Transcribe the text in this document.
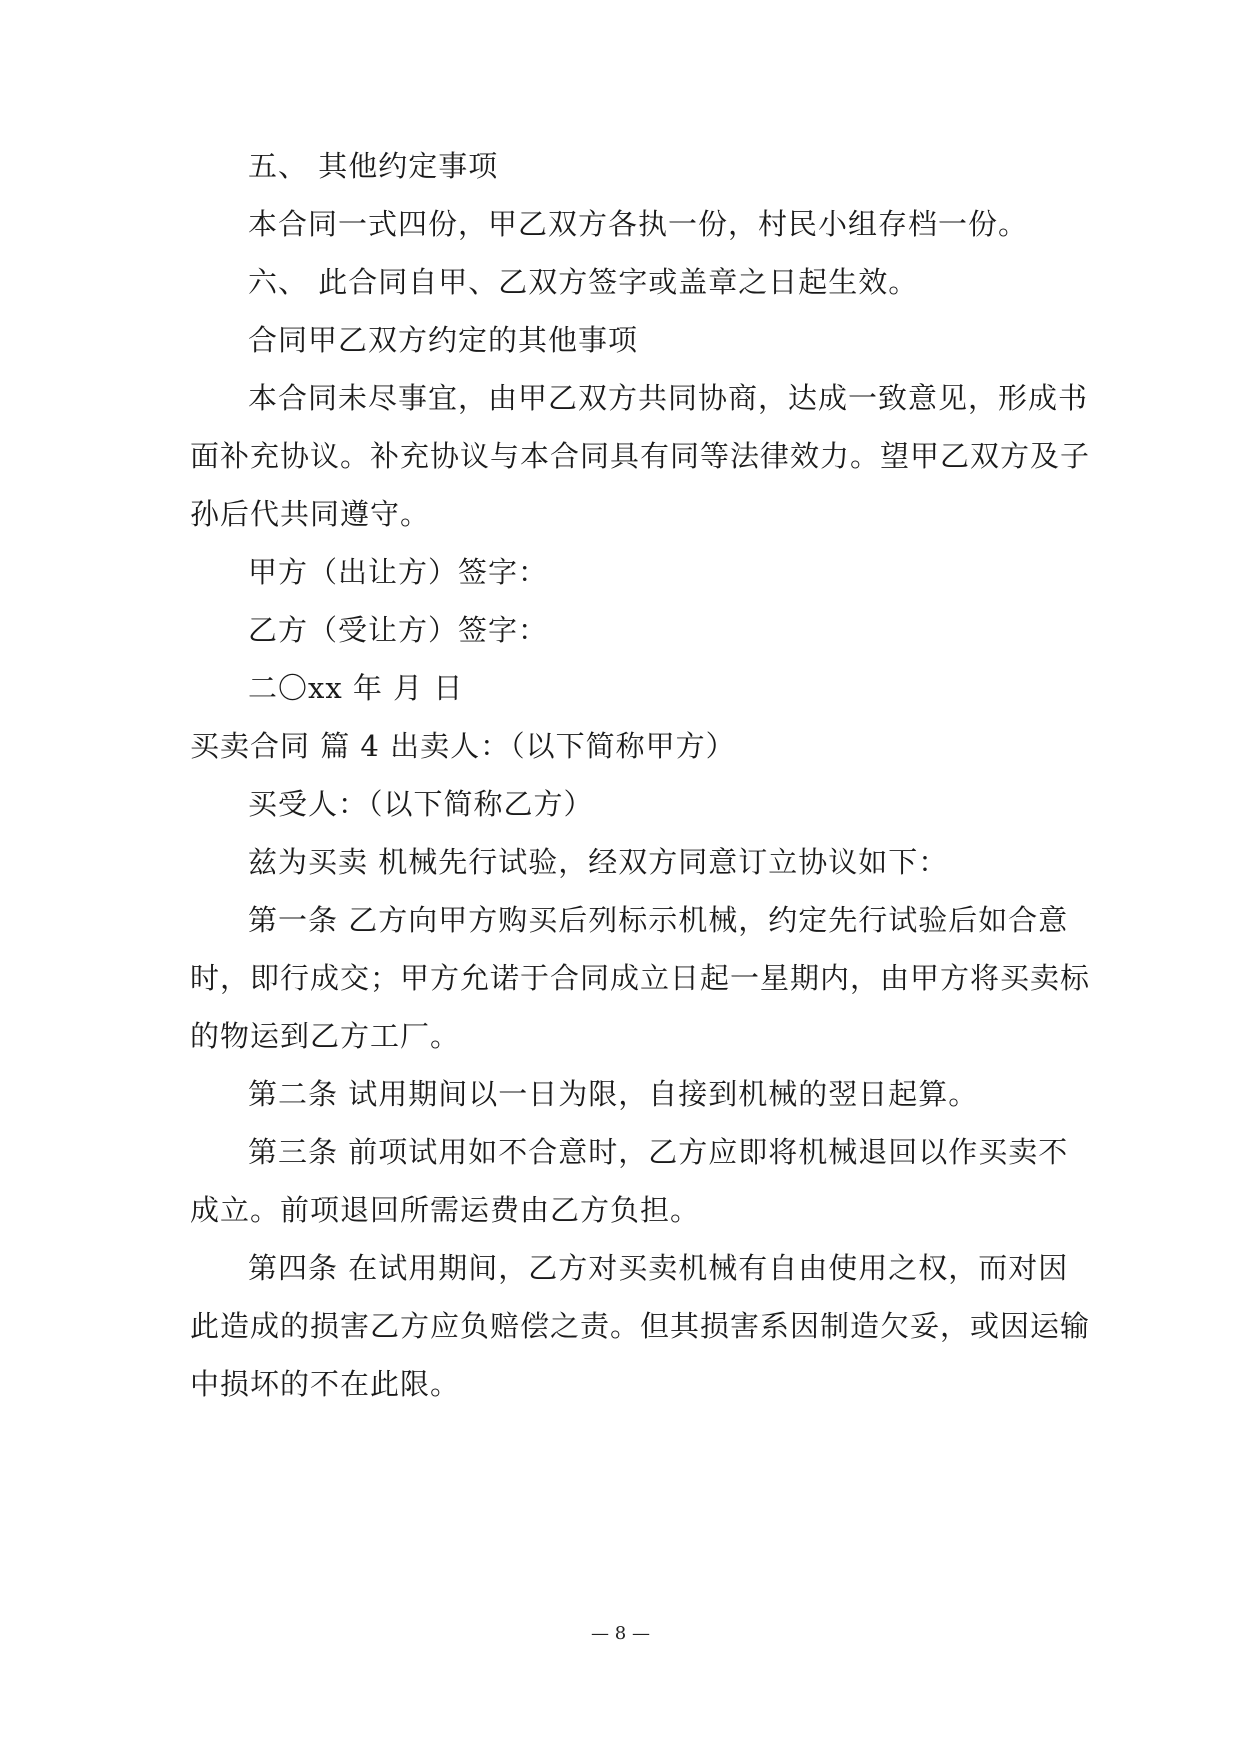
五、 其他约定事项
本合同一式四份，甲乙双方各执一份，村民小组存档一份。
六、 此合同自甲、乙双方签字或盖章之日起生效。
合同甲乙双方约定的其他事项
本合同未尽事宜，由甲乙双方共同协商，达成一致意见，形成书
面补充协议。补充协议与本合同具有同等法律效力。望甲乙双方及子
孙后代共同遵守。
甲方（出让方）签字：
乙方（受让方）签字：
二〇xx 年 月 日
买卖合同 篇 4 出卖人：（以下简称甲方）
买受人：（以下简称乙方）
兹为买卖 机械先行试验，经双方同意订立协议如下：
第一条 乙方向甲方购买后列标示机械，约定先行试验后如合意
时，即行成交；甲方允诺于合同成立日起一星期内，由甲方将买卖标
的物运到乙方工厂。
第二条 试用期间以一日为限，自接到机械的翌日起算。
第三条 前项试用如不合意时，乙方应即将机械退回以作买卖不
成立。前项退回所需运费由乙方负担。
第四条 在试用期间，乙方对买卖机械有自由使用之权，而对因
此造成的损害乙方应负赔偿之责。但其损害系因制造欠妥，或因运输
中损坏的不在此限。
— 8 —
